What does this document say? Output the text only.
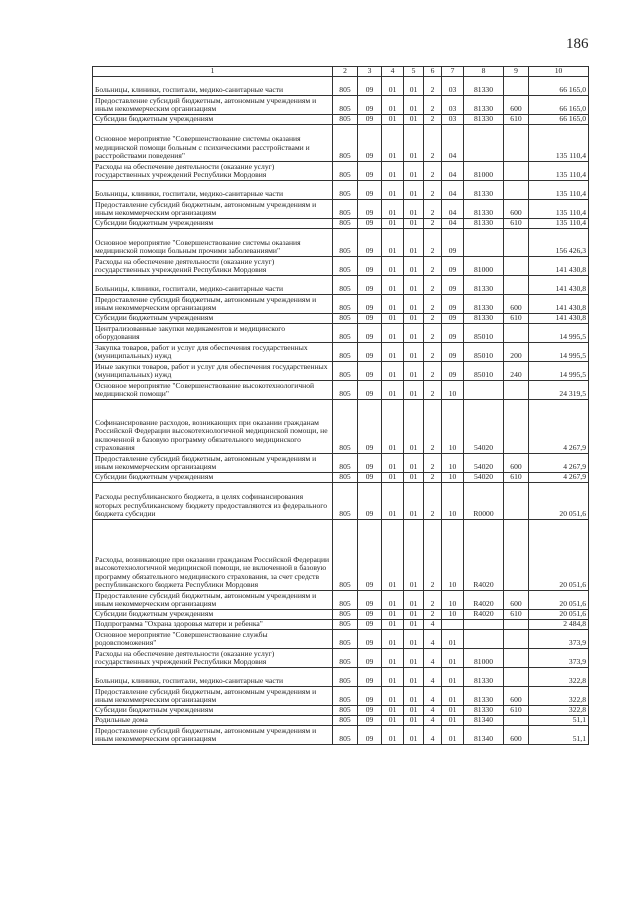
186
1	2	3	4	5	6	7	8	9	10
Больницы, клиники, госпитали, медико-санитарные части	805	09	01	01	2	03	81330		66 165,0
Предоставление субсидий бюджетным, автономным учреждениям и иным некоммерческим организациям	805	09	01	01	2	03	81330	600	66 165,0
Субсидии бюджетным учреждениям	805	09	01	01	2	03	81330	610	66 165,0
Основное мероприятие "Совершенствование системы оказания медицинской помощи больным с психическими расстройствами и расстройствами поведения"	805	09	01	01	2	04			135 110,4
Расходы на обеспечение деятельности (оказание услуг) государственных учреждений Республики Мордовия	805	09	01	01	2	04	81000		135 110,4
Больницы, клиники, госпитали, медико-санитарные части	805	09	01	01	2	04	81330		135 110,4
Предоставление субсидий бюджетным, автономным учреждениям и иным некоммерческим организациям	805	09	01	01	2	04	81330	600	135 110,4
Субсидии бюджетным учреждениям	805	09	01	01	2	04	81330	610	135 110,4
Основное мероприятие "Совершенствование системы оказания медицинской помощи больным прочими заболеваниями"	805	09	01	01	2	09			156 426,3
Расходы на обеспечение деятельности (оказание услуг) государственных учреждений Республики Мордовия	805	09	01	01	2	09	81000		141 430,8
Больницы, клиники, госпитали, медико-санитарные части	805	09	01	01	2	09	81330		141 430,8
Предоставление субсидий бюджетным, автономным учреждениям и иным некоммерческим организациям	805	09	01	01	2	09	81330	600	141 430,8
Субсидии бюджетным учреждениям	805	09	01	01	2	09	81330	610	141 430,8
Централизованные закупки медикаментов и медицинского оборудования	805	09	01	01	2	09	85010		14 995,5
Закупка товаров, работ и услуг для обеспечения государственных (муниципальных) нужд	805	09	01	01	2	09	85010	200	14 995,5
Иные закупки товаров, работ и услуг для обеспечения государственных (муниципальных) нужд	805	09	01	01	2	09	85010	240	14 995,5
Основное мероприятие "Совершенствование высокотехнологичной медицинской помощи"	805	09	01	01	2	10			24 319,5
Софинансирование расходов, возникающих при оказании гражданам Российской Федерации высокотехнологичной медицинской помощи, не включенной в базовую программу обязательного медицинского страхования	805	09	01	01	2	10	54020		4 267,9
Предоставление субсидий бюджетным, автономным учреждениям и иным некоммерческим организациям	805	09	01	01	2	10	54020	600	4 267,9
Субсидии бюджетным учреждениям	805	09	01	01	2	10	54020	610	4 267,9
Расходы республиканского бюджета, в целях софинансирования которых республиканскому бюджету предоставляются из федерального бюджета субсидии	805	09	01	01	2	10	R0000		20 051,6
Расходы, возникающие при оказании гражданам Российской Федерации высокотехнологичной медицинской помощи, не включенной в базовую программу обязательного медицинского страхования, за счет средств республиканского бюджета Республики Мордовия	805	09	01	01	2	10	R4020		20 051,6
Предоставление субсидий бюджетным, автономным учреждениям и иным некоммерческим организациям	805	09	01	01	2	10	R4020	600	20 051,6
Субсидии бюджетным учреждениям	805	09	01	01	2	10	R4020	610	20 051,6
Подпрограмма "Охрана здоровья матери и ребенка"	805	09	01	01	4				2 484,8
Основное мероприятие "Совершенствование службы родовспоможения"	805	09	01	01	4	01			373,9
Расходы на обеспечение деятельности (оказание услуг) государственных учреждений Республики Мордовия	805	09	01	01	4	01	81000		373,9
Больницы, клиники, госпитали, медико-санитарные части	805	09	01	01	4	01	81330		322,8
Предоставление субсидий бюджетным, автономным учреждениям и иным некоммерческим организациям	805	09	01	01	4	01	81330	600	322,8
Субсидии бюджетным учреждениям	805	09	01	01	4	01	81330	610	322,8
Родильные дома	805	09	01	01	4	01	81340		51,1
Предоставление субсидий бюджетным, автономным учреждениям и иным некоммерческим организациям	805	09	01	01	4	01	81340	600	51,1
